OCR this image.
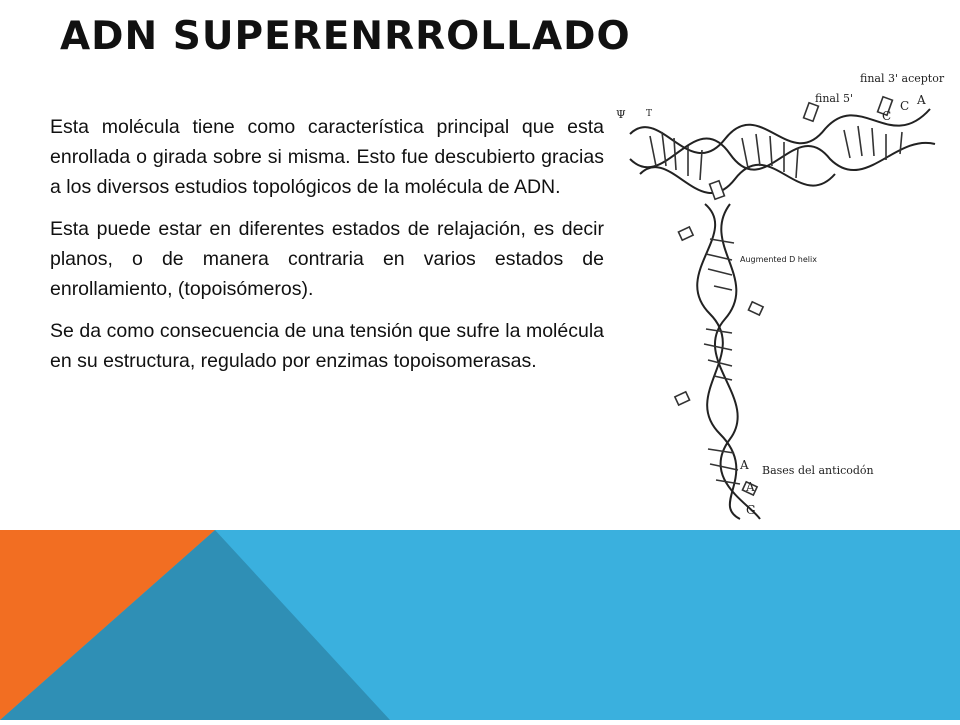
ADN SUPERENRROLLADO

Esta molécula tiene como característica principal que esta enrollada o girada sobre si misma. Esto fue descubierto gracias a los diversos estudios topológicos de la molécula de ADN.

Esta puede estar en diferentes estados de relajación, es decir planos, o de manera contraria en varios estados de enrollamiento, (topoisómeros).

Se da como consecuencia de una tensión que sufre la molécula en su estructura, regulado por enzimas topoisomerasas.

final 3' aceptor
final 5'	A
C
C
Ψ T
Augmented D helix
A
A
G
Bases del anticodón
